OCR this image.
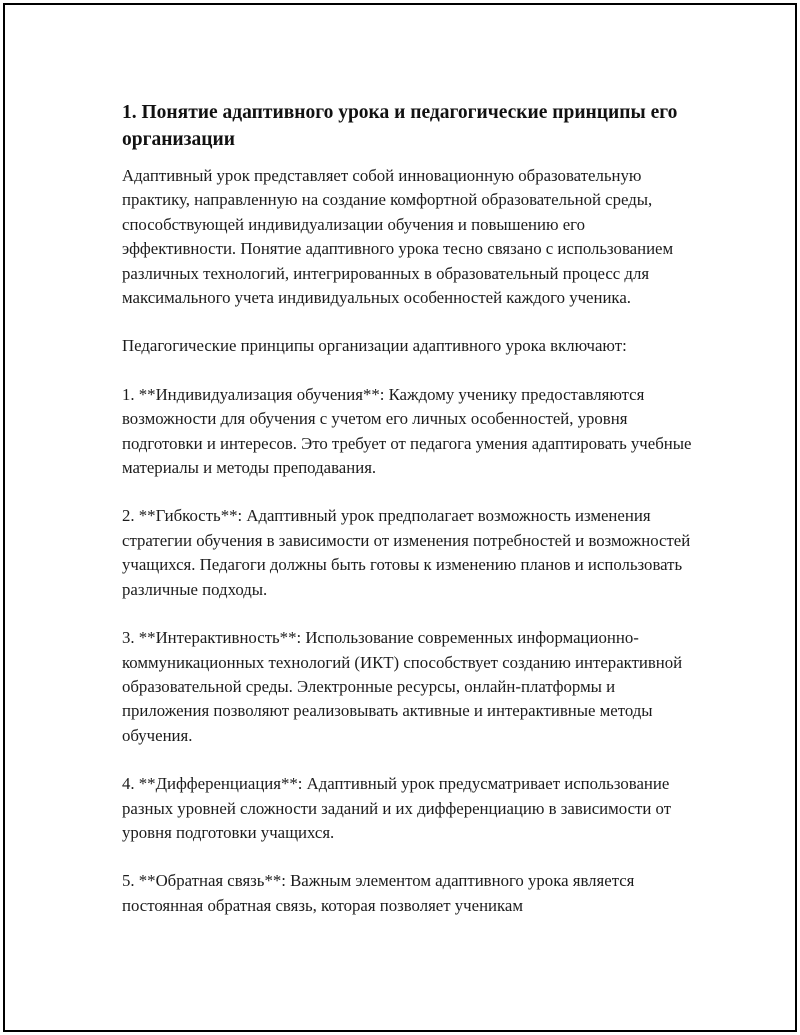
1. Понятие адаптивного урока и педагогические принципы его организации

Адаптивный урок представляет собой инновационную образовательную практику, направленную на создание комфортной образовательной среды, способствующей индивидуализации обучения и повышению его эффективности. Понятие адаптивного урока тесно связано с использованием различных технологий, интегрированных в образовательный процесс для максимального учета индивидуальных особенностей каждого ученика.

Педагогические принципы организации адаптивного урока включают:

1. **Индивидуализация обучения**: Каждому ученику предоставляются возможности для обучения с учетом его личных особенностей, уровня подготовки и интересов. Это требует от педагога умения адаптировать учебные материалы и методы преподавания.

2. **Гибкость**: Адаптивный урок предполагает возможность изменения стратегии обучения в зависимости от изменения потребностей и возможностей учащихся. Педагоги должны быть готовы к изменению планов и использовать различные подходы.

3. **Интерактивность**: Использование современных информационно-коммуникационных технологий (ИКТ) способствует созданию интерактивной образовательной среды. Электронные ресурсы, онлайн-платформы и приложения позволяют реализовывать активные и интерактивные методы обучения.

4. **Дифференциация**: Адаптивный урок предусматривает использование разных уровней сложности заданий и их дифференциацию в зависимости от уровня подготовки учащихся.

5. **Обратная связь**: Важным элементом адаптивного урока является постоянная обратная связь, которая позволяет ученикам
